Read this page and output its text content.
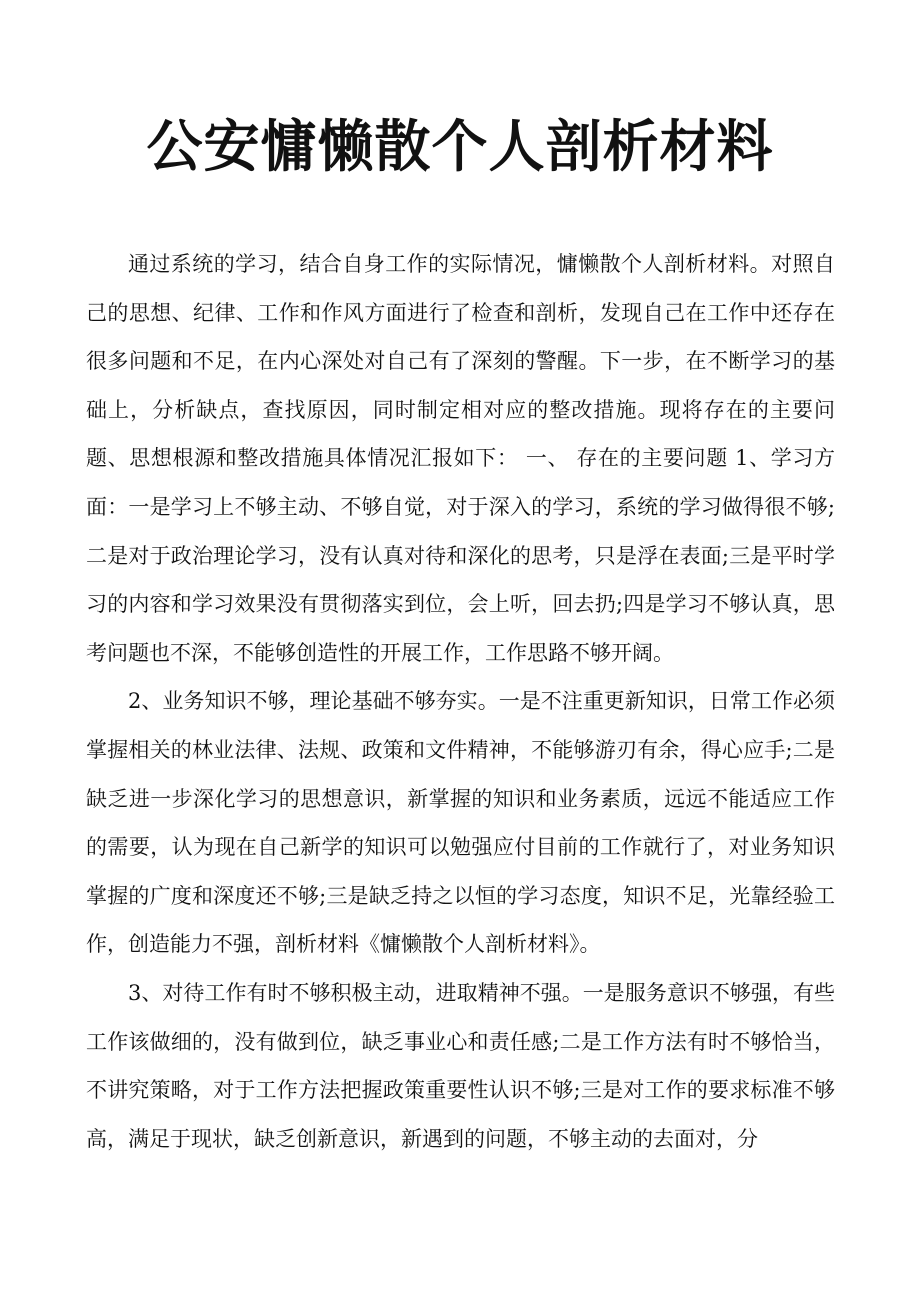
公安慵懒散个人剖析材料

通过系统的学习，结合自身工作的实际情况，慵懒散个人剖析材料。对照自己的思想、纪律、工作和作风方面进行了检查和剖析，发现自己在工作中还存在很多问题和不足，在内心深处对自己有了深刻的警醒。下一步，在不断学习的基础上，分析缺点，查找原因，同时制定相对应的整改措施。现将存在的主要问题、思想根源和整改措施具体情况汇报如下： 一、 存在的主要问题 1、学习方面：一是学习上不够主动、不够自觉，对于深入的学习，系统的学习做得很不够;二是对于政治理论学习，没有认真对待和深化的思考，只是浮在表面;三是平时学习的内容和学习效果没有贯彻落实到位，会上听，回去扔;四是学习不够认真，思考问题也不深，不能够创造性的开展工作，工作思路不够开阔。

2、业务知识不够，理论基础不够夯实。一是不注重更新知识，日常工作必须掌握相关的林业法律、法规、政策和文件精神，不能够游刃有余，得心应手;二是缺乏进一步深化学习的思想意识，新掌握的知识和业务素质，远远不能适应工作的需要，认为现在自己新学的知识可以勉强应付目前的工作就行了，对业务知识掌握的广度和深度还不够;三是缺乏持之以恒的学习态度，知识不足，光靠经验工作，创造能力不强，剖析材料《慵懒散个人剖析材料》。

3、对待工作有时不够积极主动，进取精神不强。一是服务意识不够强，有些工作该做细的，没有做到位，缺乏事业心和责任感;二是工作方法有时不够恰当，不讲究策略，对于工作方法把握政策重要性认识不够;三是对工作的要求标准不够高，满足于现状，缺乏创新意识，新遇到的问题，不够主动的去面对，分
